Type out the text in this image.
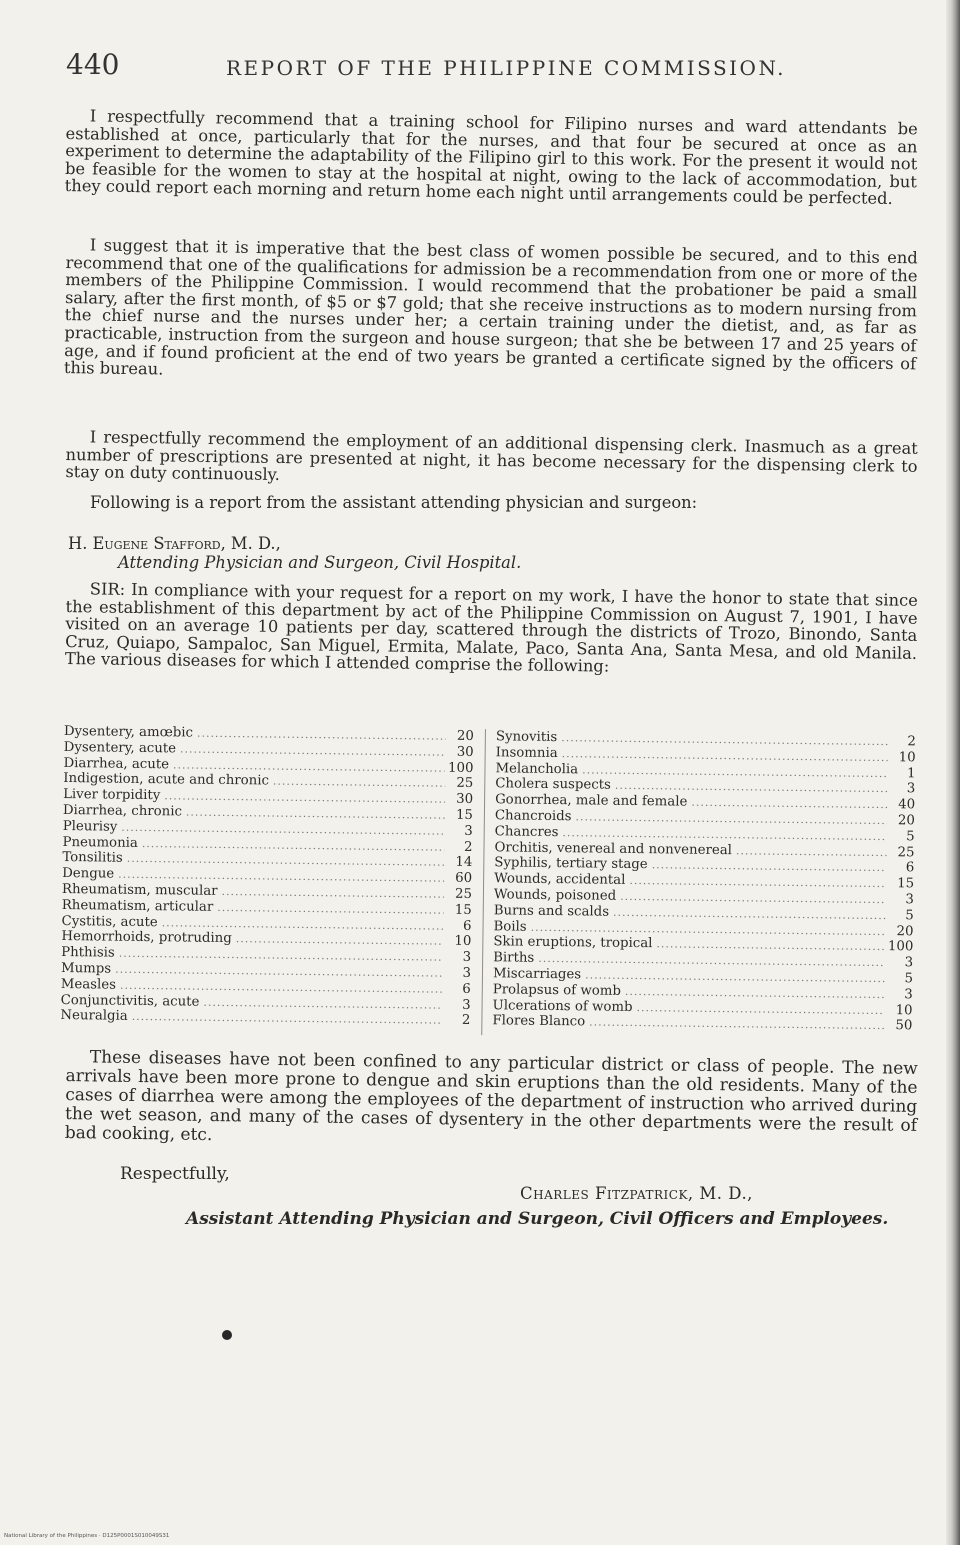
440	REPORT OF THE PHILIPPINE COMMISSION.

I respectfully recommend that a training school for Filipino nurses and ward attendants be established at once, particularly that for the nurses, and that four be secured at once as an experiment to determine the adaptability of the Filipino girl to this work. For the present it would not be feasible for the women to stay at the hospital at night, owing to the lack of accommodation, but they could report each morning and return home each night until arrangements could be perfected.

I suggest that it is imperative that the best class of women possible be secured, and to this end recommend that one of the qualifications for admission be a recommendation from one or more of the members of the Philippine Commission. I would recommend that the probationer be paid a small salary, after the first month, of $5 or $7 gold; that she receive instructions as to modern nursing from the chief nurse and the nurses under her; a certain training under the dietist, and, as far as practicable, instruction from the surgeon and house surgeon; that she be between 17 and 25 years of age, and if found proficient at the end of two years be granted a certificate signed by the officers of this bureau.

I respectfully recommend the employment of an additional dispensing clerk. Inasmuch as a great number of prescriptions are presented at night, it has become necessary for the dispensing clerk to stay on duty continuously.

Following is a report from the assistant attending physician and surgeon:

H. Eugene Stafford, M. D.,
Attending Physician and Surgeon, Civil Hospital.

SIR: In compliance with your request for a report on my work, I have the honor to state that since the establishment of this department by act of the Philippine Commission on August 7, 1901, I have visited on an average 10 patients per day, scattered through the districts of Trozo, Binondo, Santa Cruz, Quiapo, Sampaloc, San Miguel, Ermita, Malate, Paco, Santa Ana, Santa Mesa, and old Manila. The various diseases for which I attended comprise the following:

Dysentery, amœbic .....	20
Dysentery, acute .....	30
Diarrhea, acute .....	100
Indigestion, acute and chronic .....	25
Liver torpidity .....	30
Diarrhea, chronic .....	15
Pleurisy .....	3
Pneumonia .....	2
Tonsilitis .....	14
Dengue .....	60
Rheumatism, muscular .....	25
Rheumatism, articular .....	15
Cystitis, acute .....	6
Hemorrhoids, protruding .....	10
Phthisis .....	3
Mumps .....	3
Measles .....	6
Conjunctivitis, acute .....	3
Neuralgia .....	2
Synovitis .....	2
Insomnia .....	10
Melancholia .....	1
Cholera suspects .....	3
Gonorrhea, male and female .....	40
Chancroids .....	20
Chancres .....	5
Orchitis, venereal and nonvenereal .....	25
Syphilis, tertiary stage .....	6
Wounds, accidental .....	15
Wounds, poisoned .....	3
Burns and scalds .....	5
Boils .....	20
Skin eruptions, tropical .....	100
Births .....	3
Miscarriages .....	5
Prolapsus of womb .....	3
Ulcerations of womb .....	10
Flores Blanco .....	50

These diseases have not been confined to any particular district or class of people. The new arrivals have been more prone to dengue and skin eruptions than the old residents. Many of the cases of diarrhea were among the employees of the department of instruction who arrived during the wet season, and many of the cases of dysentery in the other departments were the result of bad cooking, etc.

Respectfully,
Charles Fitzpatrick, M. D.,
Assistant Attending Physician and Surgeon, Civil Officers and Employees.
National Library of the Philippines · D125P0001S010049S31
